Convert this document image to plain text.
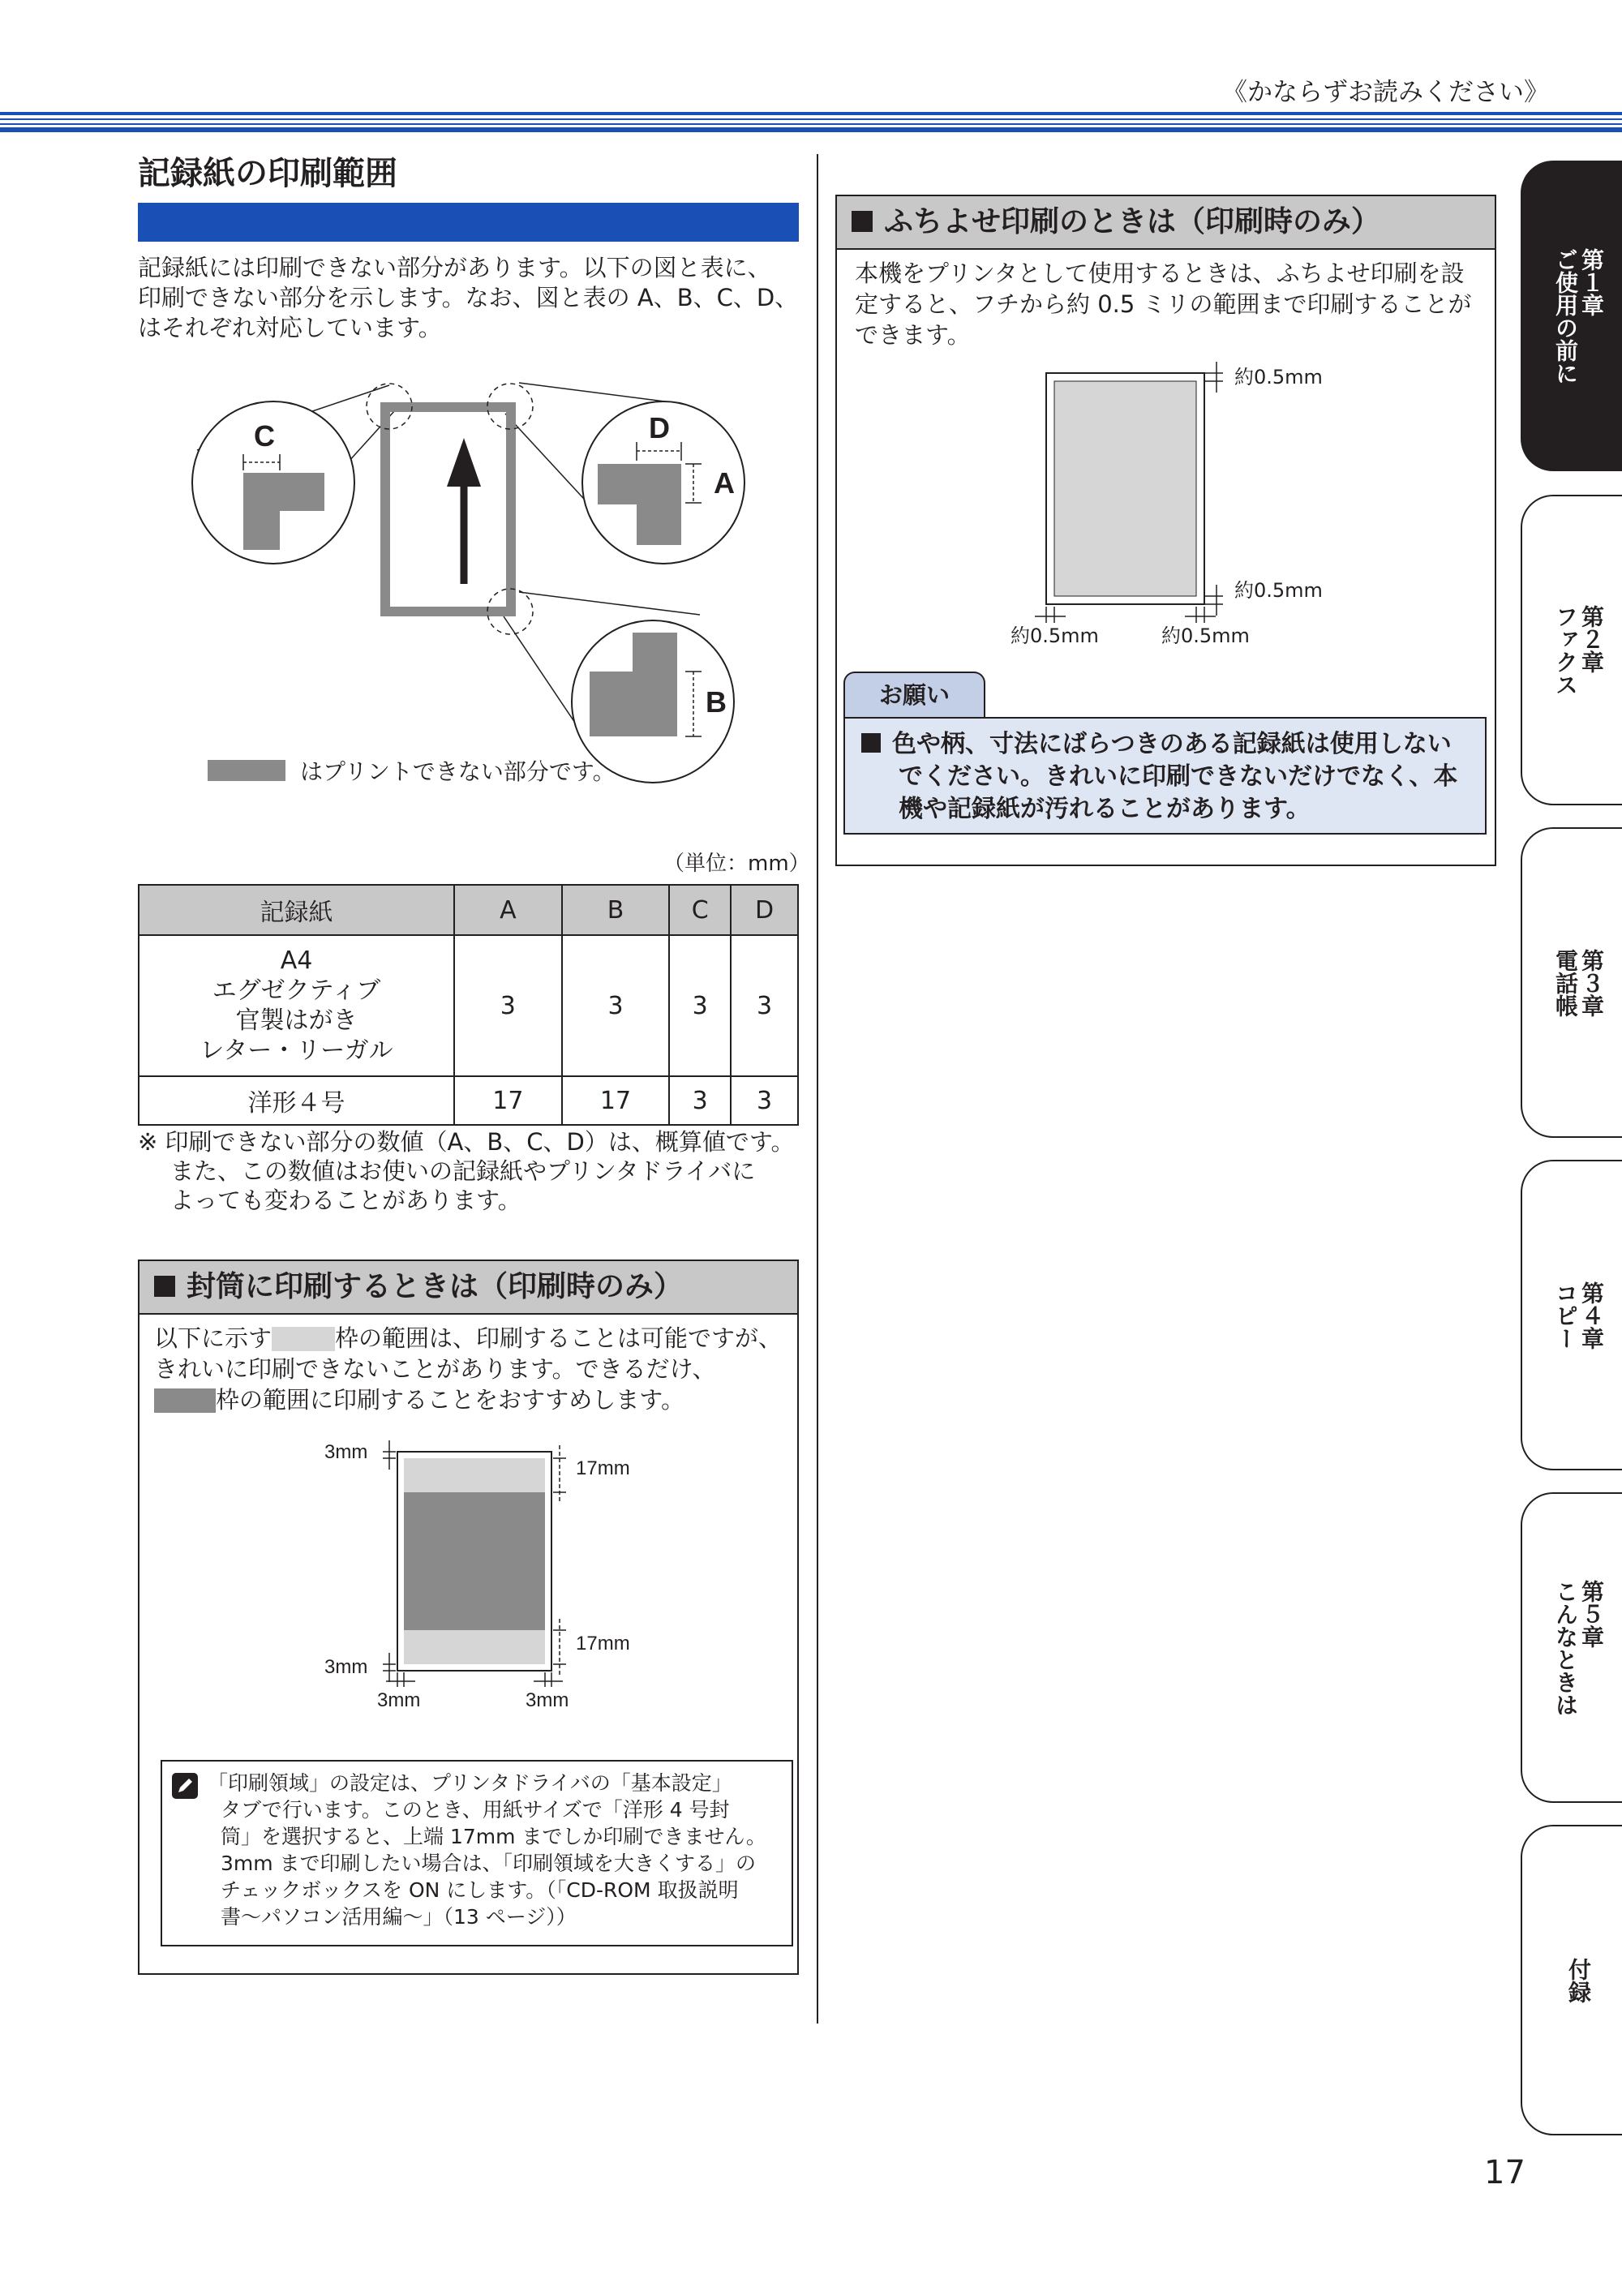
《かならずお読みください》
記録紙の印刷範囲
記録紙には印刷できない部分があります。以下の図と表に、
印刷できない部分を示します。なお、図と表の A、B、C、D、
はそれぞれ対応しています。
C	D
A
B
はプリントできない部分です。
（単位：mm）
記録紙	A	B	C	D

A4
エグゼクティブ
官製はがき
レター・リーガル	3	3	3	3
洋形４号	17	17	3	3
※ 印刷できない部分の数値（A、B、C、D）は、概算値です。
また、この数値はお使いの記録紙やプリンタドライバに
よっても変わることがあります。
封筒に印刷するときは（印刷時のみ）
以下に示す	枠の範囲は、印刷することは可能ですが、
きれいに印刷できないことがあります。できるだけ、
枠の範囲に印刷することをおすすめします。
3mm
17mm
3mm
17mm
3mm	3mm
「印刷領域」の設定は、プリンタドライバの「基本設定」
タブで行います。このとき、用紙サイズで「洋形 4 号封
筒」を選択すると、上端 17mm までしか印刷できません。
3mm まで印刷したい場合は、「印刷領域を大きくする」の
チェックボックスを ON にします。（「CD-ROM 取扱説明
書〜パソコン活用編〜」（13 ページ））
ふちよせ印刷のときは（印刷時のみ）
本機をプリンタとして使用するときは、ふちよせ印刷を設
定すると、フチから約 0.5 ミリの範囲まで印刷することが
できます。
約0.5mm
約0.5mm
約0.5mm	約0.5mm
お願い
色や柄、寸法にばらつきのある記録紙は使用しない
でください。きれいに印刷できないだけでなく、本
機や記録紙が汚れることがあります。
第１章
ご使用の前に
第２章
ファクス
第３章
電話帳
第４章
コピー
第５章
こんなときは
付録
17
